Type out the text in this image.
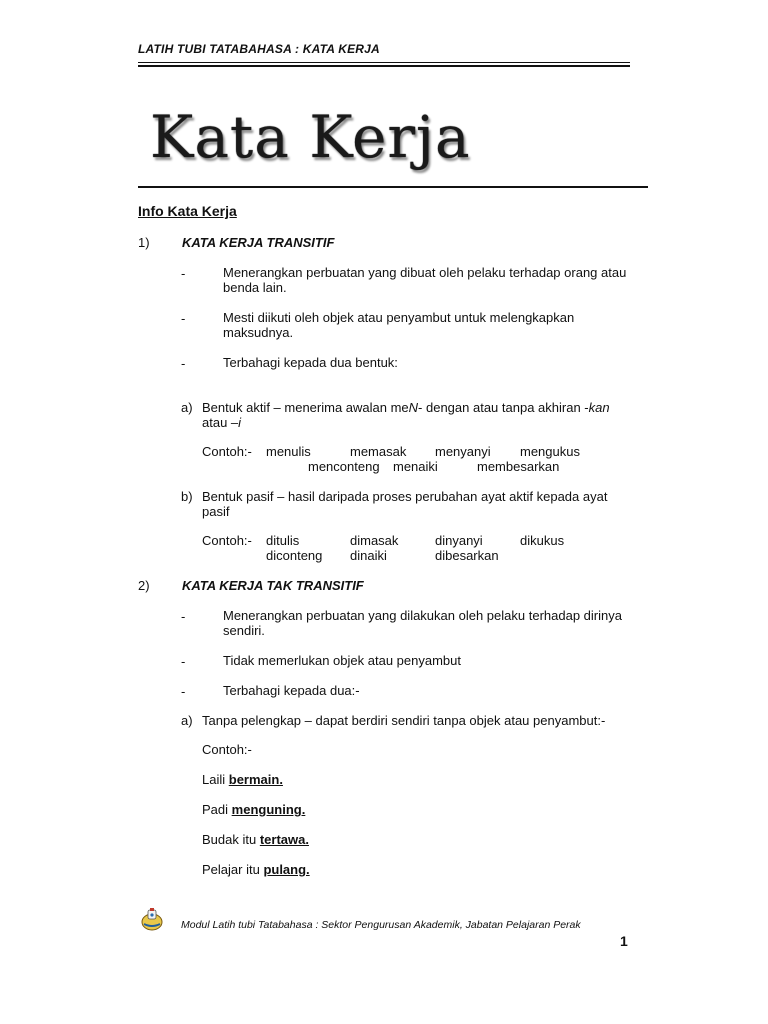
LATIH TUBI TATABAHASA : KATA KERJA
Kata Kerja
Info Kata Kerja
1) KATA KERJA TRANSITIF
-	Menerangkan perbuatan yang dibuat oleh pelaku terhadap orang atau
benda lain.
-	Mesti diikuti oleh objek atau penyambut untuk melengkapkan
maksudnya.
-	Terbahagi kepada dua bentuk:
a) Bentuk aktif – menerima awalan meN- dengan atau tanpa akhiran -kan
atau –i
Contoh:- menulis	memasak menyanyi mengukus
menconteng menaiki	membesarkan
b) Bentuk pasif – hasil daripada proses perubahan ayat aktif kepada ayat
pasif
Contoh:- ditulis	dimasak	dinyanyi	dikukus
diconteng dinaiki	dibesarkan
2) KATA KERJA TAK TRANSITIF
-	Menerangkan perbuatan yang dilakukan oleh pelaku terhadap dirinya
sendiri.
-	Tidak memerlukan objek atau penyambut
-	Terbahagi kepada dua:-
a) Tanpa pelengkap – dapat berdiri sendiri tanpa objek atau penyambut:-
Contoh:-
Laili bermain.
Padi menguning.
Budak itu tertawa.
Pelajar itu pulang.
Modul Latih tubi Tatabahasa : Sektor Pengurusan Akademik, Jabatan Pelajaran Perak
1
